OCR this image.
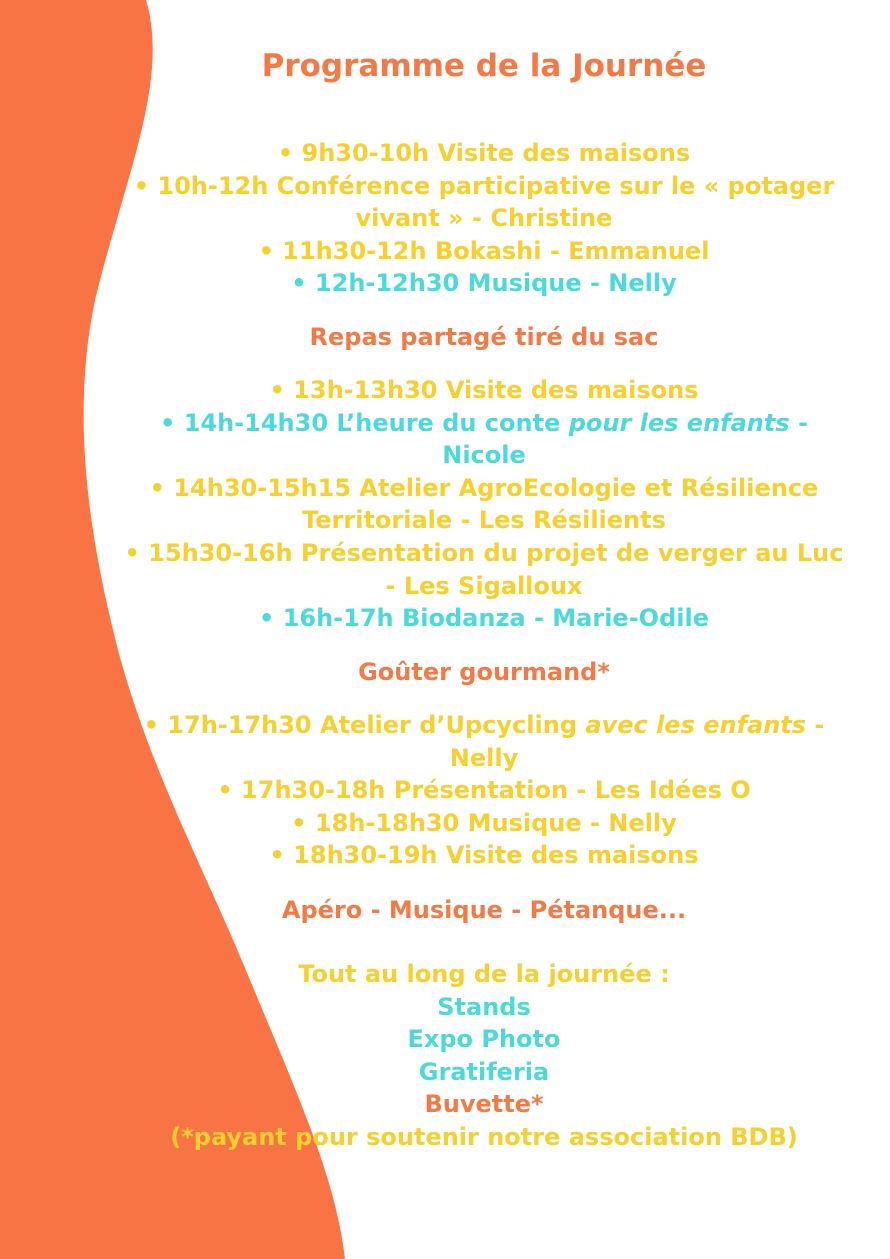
Programme de la Journée
• 9h30-10h Visite des maisons
• 10h-12h Conférence participative sur le « potager
vivant » - Christine
• 11h30-12h Bokashi - Emmanuel
• 12h-12h30 Musique - Nelly
Repas partagé tiré du sac
• 13h-13h30 Visite des maisons
• 14h-14h30 L’heure du conte pour les enfants -
Nicole
• 14h30-15h15 Atelier AgroEcologie et Résilience
Territoriale - Les Résilients
• 15h30-16h Présentation du projet de verger au Luc
- Les Sigalloux
• 16h-17h Biodanza - Marie-Odile
Goûter gourmand*
• 17h-17h30 Atelier d’Upcycling avec les enfants -
Nelly
• 17h30-18h Présentation - Les Idées O
• 18h-18h30 Musique - Nelly
• 18h30-19h Visite des maisons
Apéro - Musique - Pétanque...
Tout au long de la journée :
Stands
Expo Photo
Gratiferia
Buvette*
(*payant pour soutenir notre association BDB)
